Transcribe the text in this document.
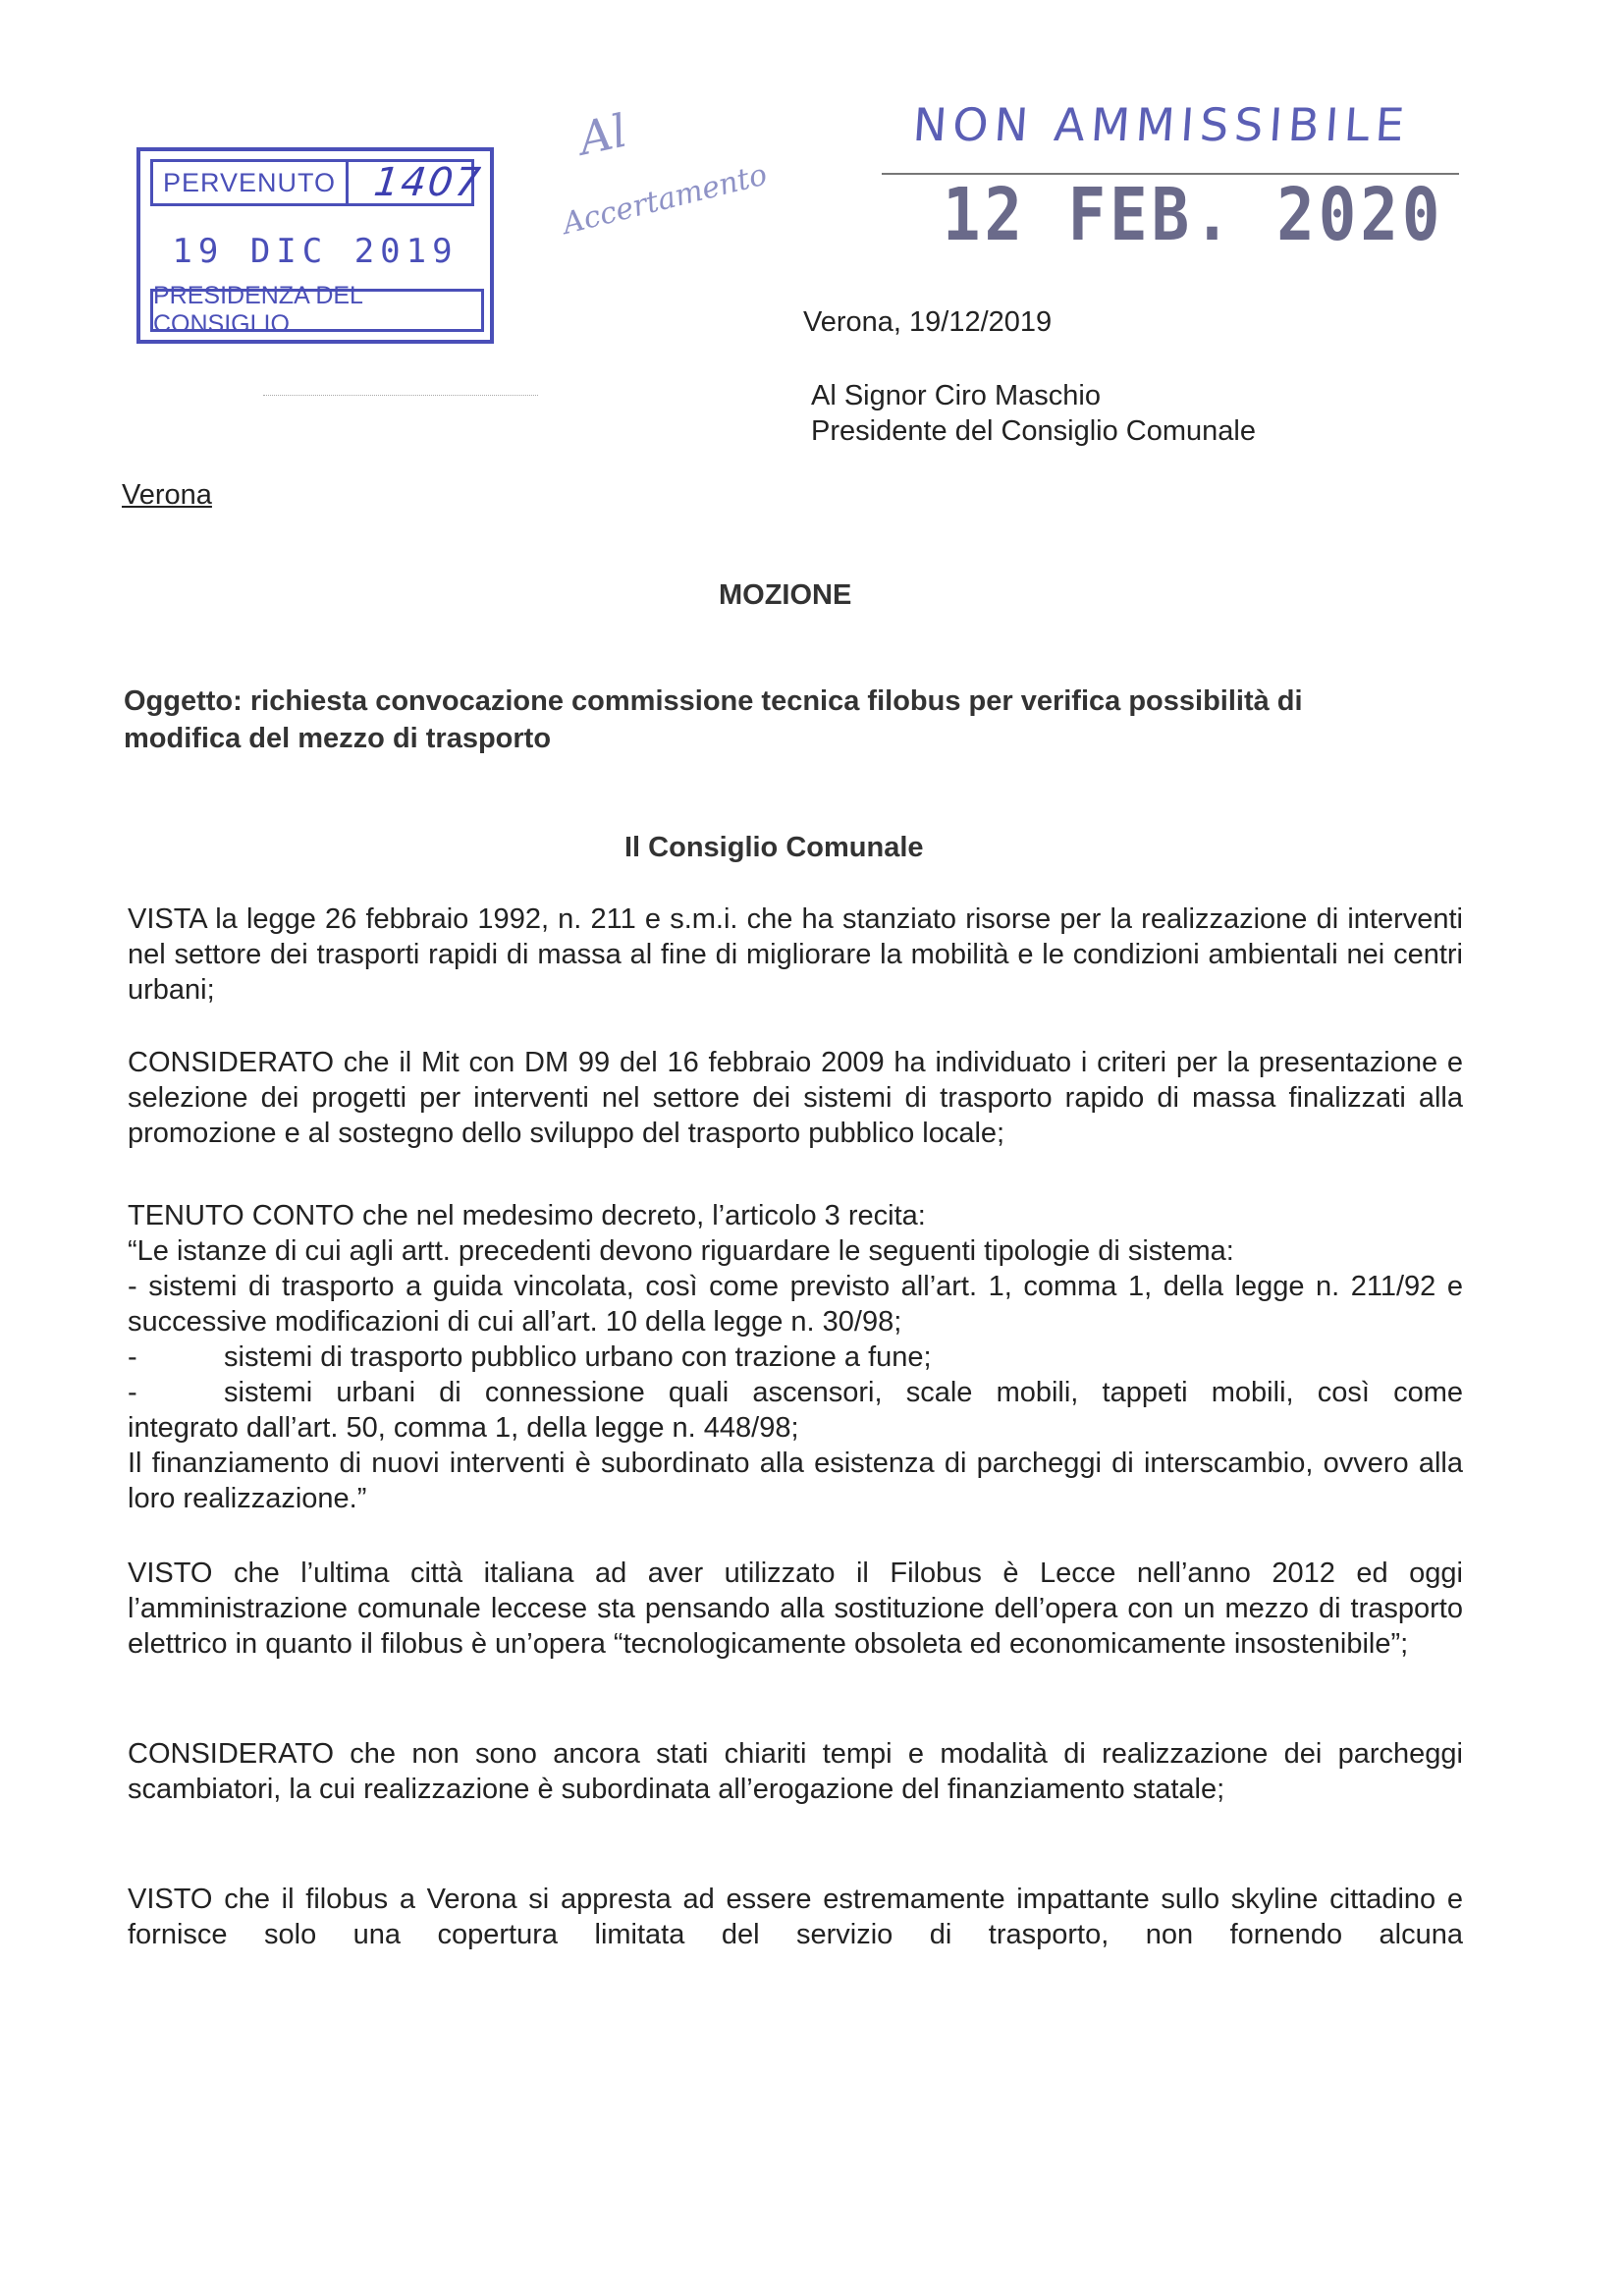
PERVENUTO 1407
19 DIC 2019
PRESIDENZA DEL CONSIGLIO
Al
Accertamento
NON AMMISSIBILE
12 FEB. 2020
Verona, 19/12/2019
Al Signor Ciro Maschio
Presidente del Consiglio Comunale
Verona
MOZIONE
Oggetto: richiesta convocazione commissione tecnica filobus per verifica possibilità di
modifica del mezzo di trasporto
Il Consiglio Comunale
VISTA la legge 26 febbraio 1992, n. 211 e s.m.i. che ha stanziato risorse per la realizzazione di interventi nel settore dei trasporti rapidi di massa al fine di migliorare la mobilità e le condizioni ambientali nei centri urbani;
CONSIDERATO che il Mit con DM 99 del 16 febbraio 2009 ha individuato i criteri per la presentazione e selezione dei progetti per interventi nel settore dei sistemi di trasporto rapido di massa finalizzati alla promozione e al sostegno dello sviluppo del trasporto pubblico locale;
TENUTO CONTO che nel medesimo decreto, l’articolo 3 recita:
“Le istanze di cui agli artt. precedenti devono riguardare le seguenti tipologie di sistema:
- sistemi di trasporto a guida vincolata, così come previsto all’art. 1, comma 1, della legge n. 211/92 e successive modificazioni di cui all’art. 10 della legge n. 30/98;
-	sistemi di trasporto pubblico urbano con trazione a fune;
-	sistemi urbani di connessione quali ascensori, scale mobili, tappeti mobili, così come
integrato dall’art. 50, comma 1, della legge n. 448/98;
Il finanziamento di nuovi interventi è subordinato alla esistenza di parcheggi di interscambio, ovvero alla loro realizzazione.”
VISTO che l’ultima città italiana ad aver utilizzato il Filobus è Lecce nell’anno 2012 ed oggi l’amministrazione comunale leccese sta pensando alla sostituzione dell’opera con un mezzo di trasporto elettrico in quanto il filobus è un’opera “tecnologicamente obsoleta ed economicamente insostenibile”;
CONSIDERATO che non sono ancora stati chiariti tempi e modalità di realizzazione dei parcheggi scambiatori, la cui realizzazione è subordinata all’erogazione del finanziamento statale;
VISTO che il filobus a Verona si appresta ad essere estremamente impattante sullo skyline cittadino e fornisce solo una copertura limitata del servizio di trasporto, non fornendo alcuna
